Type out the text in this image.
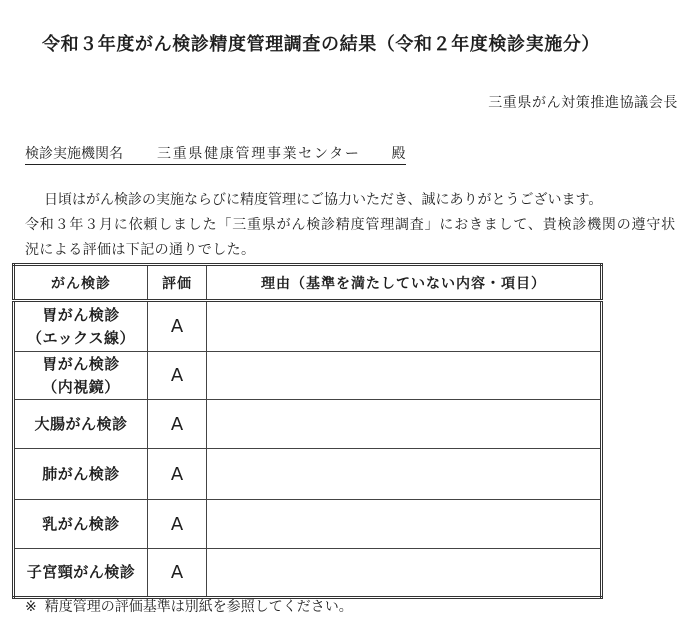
令和３年度がん検診精度管理調査の結果（令和２年度検診実施分）
三重県がん対策推進協議会長
検診実施機関名 三重県健康管理事業センター 殿
日頃はがん検診の実施ならびに精度管理にご協力いただき、誠にありがとうございます。
令和３年３月に依頼しました「三重県がん検診精度管理調査」におきまして、貴検診機関の遵守状
況による評価は下記の通りでした。
がん検診	評価	理由（基準を満たしていない内容・項目）

胃がん検診
（エックス線）	A	

胃がん検診
（内視鏡）	A	

大腸がん検診	A	

肺がん検診	A	

乳がん検診	A	

子宮頸がん検診	A	
※ 精度管理の評価基準は別紙を参照してください。
